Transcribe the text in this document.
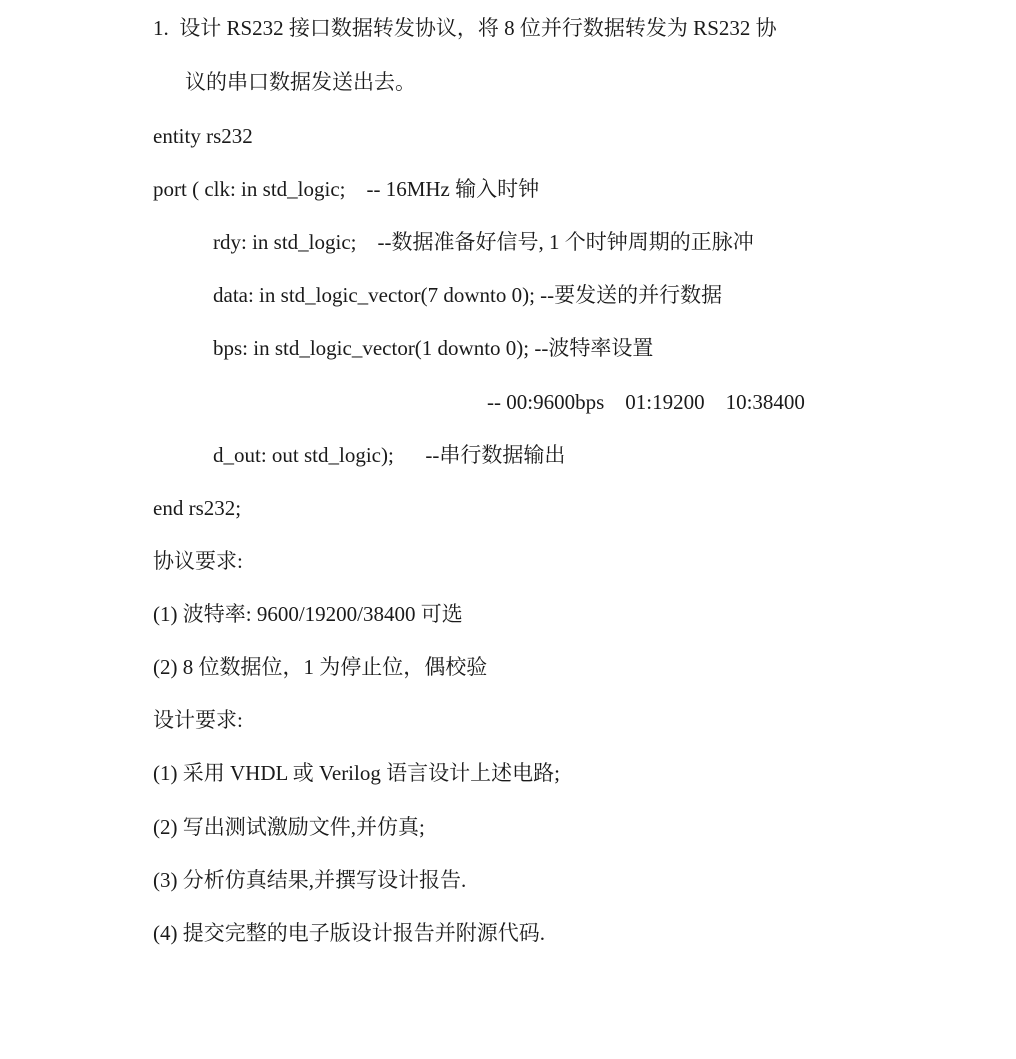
1.  设计 RS232 接口数据转发协议，将 8 位并行数据转发为 RS232 协

议的串口数据发送出去。

entity rs232

port ( clk: in std_logic;    -- 16MHz 输入时钟

rdy: in std_logic;    --数据准备好信号, 1 个时钟周期的正脉冲

data: in std_logic_vector(7 downto 0); --要发送的并行数据

bps: in std_logic_vector(1 downto 0); --波特率设置

-- 00:9600bps    01:19200    10:38400

d_out: out std_logic);      --串行数据输出

end rs232;

协议要求:

(1) 波特率: 9600/19200/38400 可选

(2) 8 位数据位，1 为停止位，偶校验

设计要求:

(1) 采用 VHDL 或 Verilog 语言设计上述电路;

(2) 写出测试激励文件,并仿真;

(3) 分析仿真结果,并撰写设计报告.

(4) 提交完整的电子版设计报告并附源代码.
